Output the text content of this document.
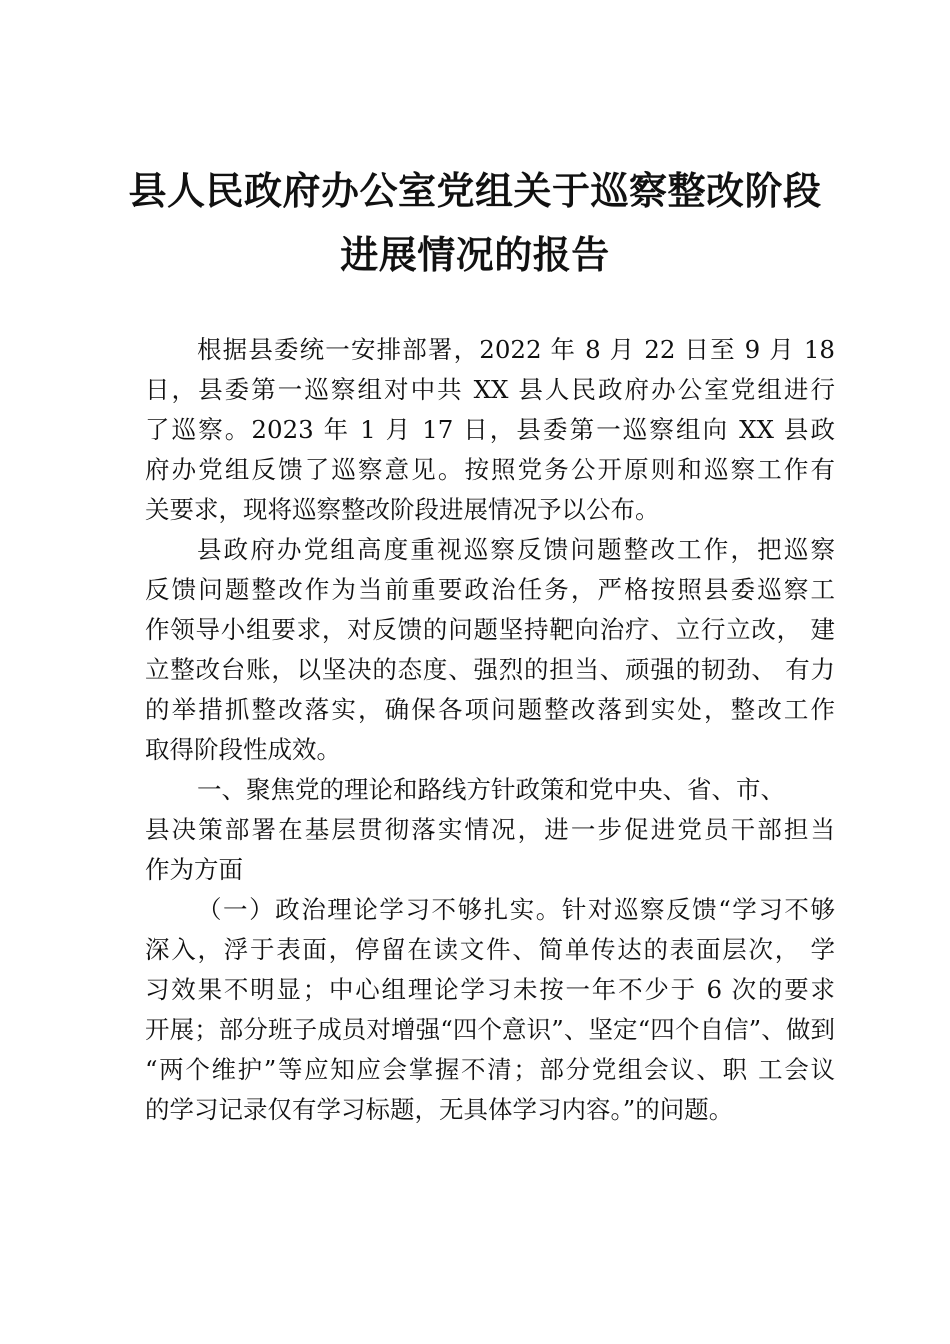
县人民政府办公室党组关于巡察整改阶段
进展情况的报告
根据县委统一安排部署，2022 年 8 月 22 日至 9 月 18
日，县委第一巡察组对中共 XX 县人民政府办公室党组进行
了巡察。2023 年 1 月 17 日，县委第一巡察组向 XX 县政
府办党组反馈了巡察意见。按照党务公开原则和巡察工作有
关要求，现将巡察整改阶段进展情况予以公布。
县政府办党组高度重视巡察反馈问题整改工作，把巡察
反馈问题整改作为当前重要政治任务，严格按照县委巡察工
作领导小组要求，对反馈的问题坚持靶向治疗、立行立改， 建
立整改台账，以坚决的态度、强烈的担当、顽强的韧劲、 有力
的举措抓整改落实，确保各项问题整改落到实处，整改工作
取得阶段性成效。
一、聚焦党的理论和路线方针政策和党中央、省、市、
县决策部署在基层贯彻落实情况，进一步促进党员干部担当
作为方面
（一）政治理论学习不够扎实。针对巡察反馈“学习不够
深入，浮于表面，停留在读文件、简单传达的表面层次， 学
习效果不明显；中心组理论学习未按一年不少于 6 次的要求
开展；部分班子成员对增强“四个意识”、坚定“四个自信”、做到
“两个维护”等应知应会掌握不清；部分党组会议、职 工会议
的学习记录仅有学习标题，无具体学习内容。”的问题。
